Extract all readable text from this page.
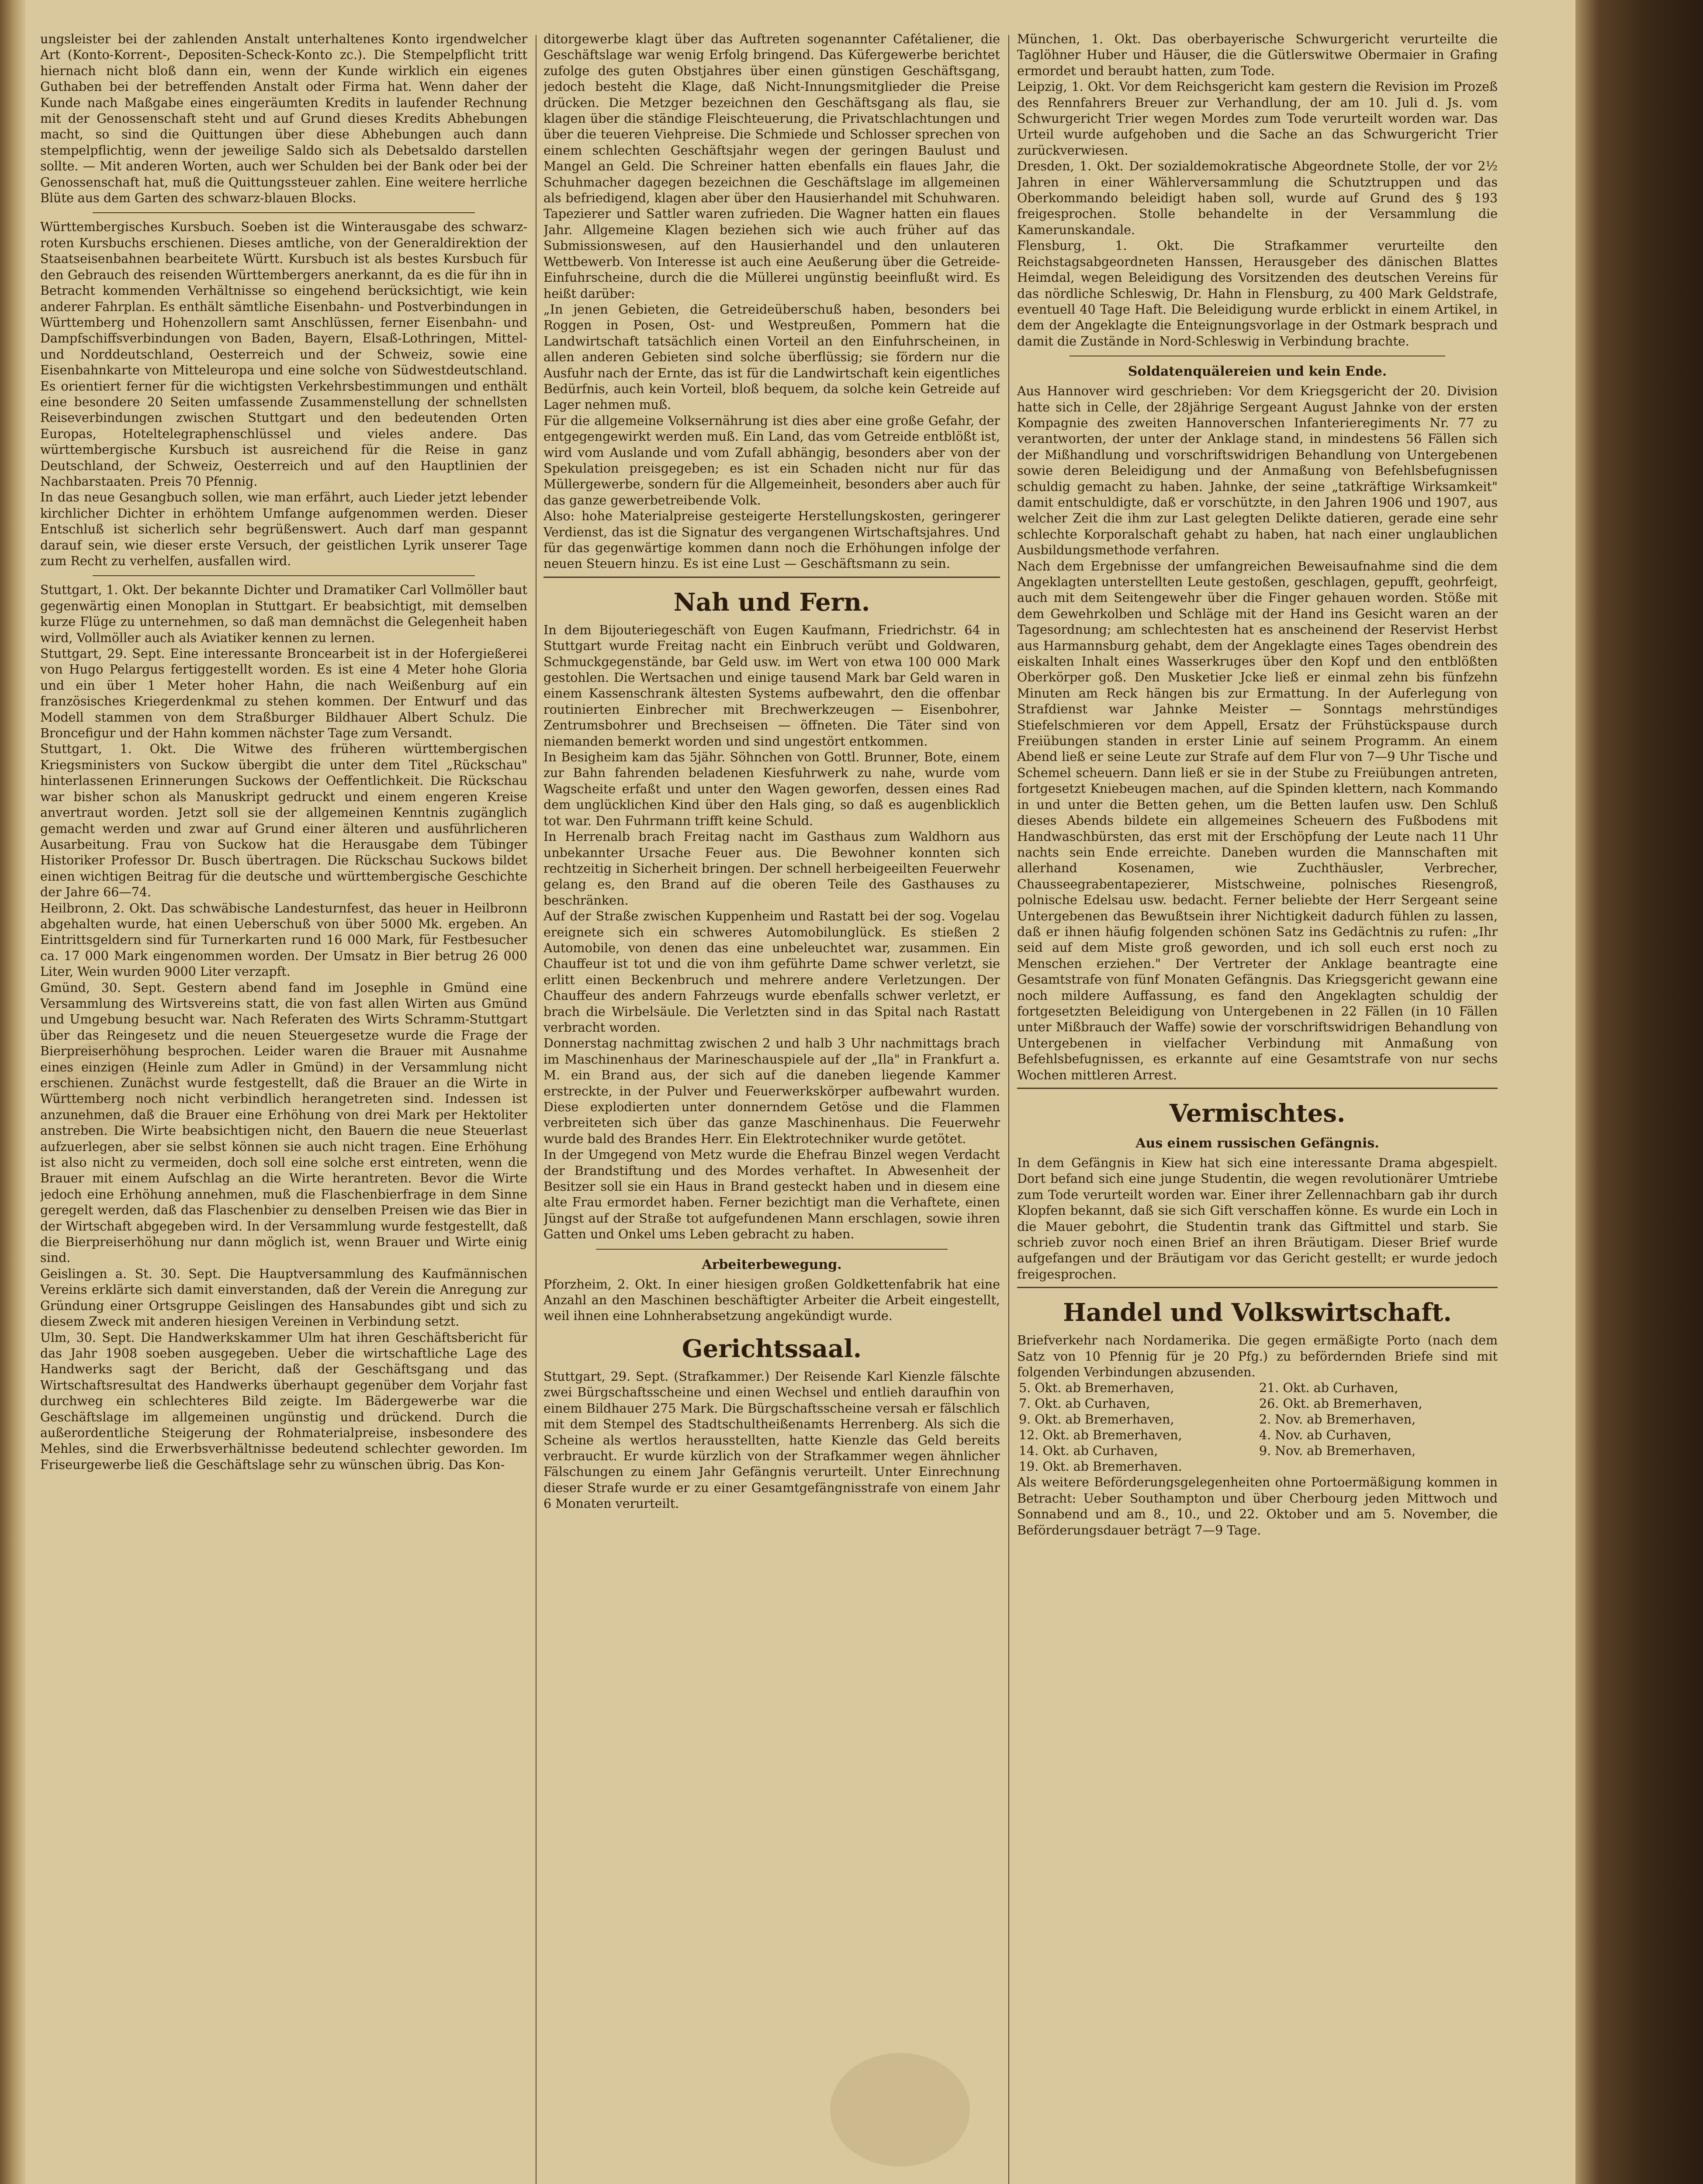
ungsleister bei der zahlenden Anstalt unterhaltenes Konto irgendwelcher Art (Konto-Korrent-, Depositen-Scheck-Konto zc.). Die Stempelpflicht tritt hiernach nicht bloß dann ein, wenn der Kunde wirklich ein eigenes Guthaben bei der betreffenden Anstalt oder Firma hat. Wenn daher der Kunde nach Maßgabe eines eingeräumten Kredits in laufender Rechnung mit der Genossenschaft steht und auf Grund dieses Kredits Abhebungen macht, so sind die Quittungen über diese Abhebungen auch dann stempelpflichtig, wenn der jeweilige Saldo sich als Debetsaldo darstellen sollte. — Mit anderen Worten, auch wer Schulden bei der Bank oder bei der Genossenschaft hat, muß die Quittungssteuer zahlen. Eine weitere herrliche Blüte aus dem Garten des schwarz-blauen Blocks.

Württembergisches Kursbuch. Soeben ist die Winterausgabe des schwarz-roten Kursbuchs erschienen. Dieses amtliche, von der Generaldirektion der Staatseisenbahnen bearbeitete Württ. Kursbuch ist als bestes Kursbuch für den Gebrauch des reisenden Württembergers anerkannt, da es die für ihn in Betracht kommenden Verhältnisse so eingehend berücksichtigt, wie kein anderer Fahrplan. Es enthält sämtliche Eisenbahn- und Postverbindungen in Württemberg und Hohenzollern samt Anschlüssen, ferner Eisenbahn- und Dampfschiffsverbindungen von Baden, Bayern, Elsaß-Lothringen, Mittel- und Norddeutschland, Oesterreich und der Schweiz, sowie eine Eisenbahnkarte von Mitteleuropa und eine solche von Südwestdeutschland. Es orientiert ferner für die wichtigsten Verkehrsbestimmungen und enthält eine besondere 20 Seiten umfassende Zusammenstellung der schnellsten Reiseverbindungen zwischen Stuttgart und den bedeutenden Orten Europas, Hoteltelegraphenschlüssel und vieles andere. Das württembergische Kursbuch ist ausreichend für die Reise in ganz Deutschland, der Schweiz, Oesterreich und auf den Hauptlinien der Nachbarstaaten. Preis 70 Pfennig.

In das neue Gesangbuch sollen, wie man erfährt, auch Lieder jetzt lebender kirchlicher Dichter in erhöhtem Umfange aufgenommen werden. Dieser Entschluß ist sicherlich sehr begrüßenswert. Auch darf man gespannt darauf sein, wie dieser erste Versuch, der geistlichen Lyrik unserer Tage zum Recht zu verhelfen, ausfallen wird.

Stuttgart, 1. Okt. Der bekannte Dichter und Dramatiker Carl Vollmöller baut gegenwärtig einen Monoplan in Stuttgart. Er beabsichtigt, mit demselben kurze Flüge zu unternehmen, so daß man demnächst die Gelegenheit haben wird, Vollmöller auch als Aviatiker kennen zu lernen.

Stuttgart, 29. Sept. Eine interessante Broncearbeit ist in der Hofergießerei von Hugo Pelargus fertiggestellt worden. Es ist eine 4 Meter hohe Gloria und ein über 1 Meter hoher Hahn, die nach Weißenburg auf ein französisches Kriegerdenkmal zu stehen kommen. Der Entwurf und das Modell stammen von dem Straßburger Bildhauer Albert Schulz. Die Broncefigur und der Hahn kommen nächster Tage zum Versandt.

Stuttgart, 1. Okt. Die Witwe des früheren württembergischen Kriegsministers von Suckow übergibt die unter dem Titel „Rückschau" hinterlassenen Erinnerungen Suckows der Oeffentlichkeit. Die Rückschau war bisher schon als Manuskript gedruckt und einem engeren Kreise anvertraut worden. Jetzt soll sie der allgemeinen Kenntnis zugänglich gemacht werden und zwar auf Grund einer älteren und ausführlicheren Ausarbeitung. Frau von Suckow hat die Herausgabe dem Tübinger Historiker Professor Dr. Busch übertragen. Die Rückschau Suckows bildet einen wichtigen Beitrag für die deutsche und württembergische Geschichte der Jahre 66—74.

Heilbronn, 2. Okt. Das schwäbische Landesturnfest, das heuer in Heilbronn abgehalten wurde, hat einen Ueberschuß von über 5000 Mk. ergeben. An Eintrittsgeldern sind für Turnerkarten rund 16 000 Mark, für Festbesucher ca. 17 000 Mark eingenommen worden. Der Umsatz in Bier betrug 26 000 Liter, Wein wurden 9000 Liter verzapft.

Gmünd, 30. Sept. Gestern abend fand im Josephle in Gmünd eine Versammlung des Wirtsvereins statt, die von fast allen Wirten aus Gmünd und Umgebung besucht war. Nach Referaten des Wirts Schramm-Stuttgart über das Reingesetz und die neuen Steuergesetze wurde die Frage der Bierpreiserhöhung besprochen. Leider waren die Brauer mit Ausnahme eines einzigen (Heinle zum Adler in Gmünd) in der Versammlung nicht erschienen. Zunächst wurde festgestellt, daß die Brauer an die Wirte in Württemberg noch nicht verbindlich herangetreten sind. Indessen ist anzunehmen, daß die Brauer eine Erhöhung von drei Mark per Hektoliter anstreben. Die Wirte beabsichtigen nicht, den Bauern die neue Steuerlast aufzuerlegen, aber sie selbst können sie auch nicht tragen. Eine Erhöhung ist also nicht zu vermeiden, doch soll eine solche erst eintreten, wenn die Brauer mit einem Aufschlag an die Wirte herantreten. Bevor die Wirte jedoch eine Erhöhung annehmen, muß die Flaschenbierfrage in dem Sinne geregelt werden, daß das Flaschenbier zu denselben Preisen wie das Bier in der Wirtschaft abgegeben wird. In der Versammlung wurde festgestellt, daß die Bierpreiserhöhung nur dann möglich ist, wenn Brauer und Wirte einig sind.

Geislingen a. St. 30. Sept. Die Hauptversammlung des Kaufmännischen Vereins erklärte sich damit einverstanden, daß der Verein die Anregung zur Gründung einer Ortsgruppe Geislingen des Hansabundes gibt und sich zu diesem Zweck mit anderen hiesigen Vereinen in Verbindung setzt.

Ulm, 30. Sept. Die Handwerkskammer Ulm hat ihren Geschäftsbericht für das Jahr 1908 soeben ausgegeben. Ueber die wirtschaftliche Lage des Handwerks sagt der Bericht, daß der Geschäftsgang und das Wirtschaftsresultat des Handwerks überhaupt gegenüber dem Vorjahr fast durchweg ein schlechteres Bild zeigte. Im Bädergewerbe war die Geschäftslage im allgemeinen ungünstig und drückend. Durch die außerordentliche Steigerung der Rohmaterialpreise, insbesondere des Mehles, sind die Erwerbsverhältnisse bedeutend schlechter geworden. Im Friseurgewerbe ließ die Geschäftslage sehr zu wünschen übrig. Das Kon-

ditorgewerbe klagt über das Auftreten sogenannter Cafétaliener, die Geschäftslage war wenig Erfolg bringend. Das Küfergewerbe berichtet zufolge des guten Obstjahres über einen günstigen Geschäftsgang, jedoch besteht die Klage, daß Nicht-Innungsmitglieder die Preise drücken. Die Metzger bezeichnen den Geschäftsgang als flau, sie klagen über die ständige Fleischteuerung, die Privatschlachtungen und über die teueren Viehpreise. Die Schmiede und Schlosser sprechen von einem schlechten Geschäftsjahr wegen der geringen Baulust und Mangel an Geld. Die Schreiner hatten ebenfalls ein flaues Jahr, die Schuhmacher dagegen bezeichnen die Geschäftslage im allgemeinen als befriedigend, klagen aber über den Hausierhandel mit Schuhwaren. Tapezierer und Sattler waren zufrieden. Die Wagner hatten ein flaues Jahr. Allgemeine Klagen beziehen sich wie auch früher auf das Submissionswesen, auf den Hausierhandel und den unlauteren Wettbewerb. Von Interesse ist auch eine Aeußerung über die Getreide-Einfuhrscheine, durch die die Müllerei ungünstig beeinflußt wird. Es heißt darüber:

„In jenen Gebieten, die Getreideüberschuß haben, besonders bei Roggen in Posen, Ost- und Westpreußen, Pommern hat die Landwirtschaft tatsächlich einen Vorteil an den Einfuhrscheinen, in allen anderen Gebieten sind solche überflüssig; sie fördern nur die Ausfuhr nach der Ernte, das ist für die Landwirtschaft kein eigentliches Bedürfnis, auch kein Vorteil, bloß bequem, da solche kein Getreide auf Lager nehmen muß.

Für die allgemeine Volksernährung ist dies aber eine große Gefahr, der entgegengewirkt werden muß. Ein Land, das vom Getreide entblößt ist, wird vom Auslande und vom Zufall abhängig, besonders aber von der Spekulation preisgegeben; es ist ein Schaden nicht nur für das Müllergewerbe, sondern für die Allgemeinheit, besonders aber auch für das ganze gewerbetreibende Volk.

Also: hohe Materialpreise gesteigerte Herstellungskosten, geringerer Verdienst, das ist die Signatur des vergangenen Wirtschaftsjahres. Und für das gegenwärtige kommen dann noch die Erhöhungen infolge der neuen Steuern hinzu. Es ist eine Lust — Geschäftsmann zu sein.

Nah und Fern.

In dem Bijouteriegeschäft von Eugen Kaufmann, Friedrichstr. 64 in Stuttgart wurde Freitag nacht ein Einbruch verübt und Goldwaren, Schmuckgegenstände, bar Geld usw. im Wert von etwa 100 000 Mark gestohlen. Die Wertsachen und einige tausend Mark bar Geld waren in einem Kassenschrank ältesten Systems aufbewahrt, den die offenbar routinierten Einbrecher mit Brechwerkzeugen — Eisenbohrer, Zentrumsbohrer und Brechseisen — öffneten. Die Täter sind von niemanden bemerkt worden und sind ungestört entkommen.

In Besigheim kam das 5jähr. Söhnchen von Gottl. Brunner, Bote, einem zur Bahn fahrenden beladenen Kiesfuhrwerk zu nahe, wurde vom Wagscheite erfaßt und unter den Wagen geworfen, dessen eines Rad dem unglücklichen Kind über den Hals ging, so daß es augenblicklich tot war. Den Fuhrmann trifft keine Schuld.

In Herrenalb brach Freitag nacht im Gasthaus zum Waldhorn aus unbekannter Ursache Feuer aus. Die Bewohner konnten sich rechtzeitig in Sicherheit bringen. Der schnell herbeigeeilten Feuerwehr gelang es, den Brand auf die oberen Teile des Gasthauses zu beschränken.

Auf der Straße zwischen Kuppenheim und Rastatt bei der sog. Vogelau ereignete sich ein schweres Automobilunglück. Es stießen 2 Automobile, von denen das eine unbeleuchtet war, zusammen. Ein Chauffeur ist tot und die von ihm geführte Dame schwer verletzt, sie erlitt einen Beckenbruch und mehrere andere Verletzungen. Der Chauffeur des andern Fahrzeugs wurde ebenfalls schwer verletzt, er brach die Wirbelsäule. Die Verletzten sind in das Spital nach Rastatt verbracht worden.

Donnerstag nachmittag zwischen 2 und halb 3 Uhr nachmittags brach im Maschinenhaus der Marineschauspiele auf der „Ila" in Frankfurt a. M. ein Brand aus, der sich auf die daneben liegende Kammer erstreckte, in der Pulver und Feuerwerkskörper aufbewahrt wurden. Diese explodierten unter donnerndem Getöse und die Flammen verbreiteten sich über das ganze Maschinenhaus. Die Feuerwehr wurde bald des Brandes Herr. Ein Elektrotechniker wurde getötet.

In der Umgegend von Metz wurde die Ehefrau Binzel wegen Verdacht der Brandstiftung und des Mordes verhaftet. In Abwesenheit der Besitzer soll sie ein Haus in Brand gesteckt haben und in diesem eine alte Frau ermordet haben. Ferner bezichtigt man die Verhaftete, einen Jüngst auf der Straße tot aufgefundenen Mann erschlagen, sowie ihren Gatten und Onkel ums Leben gebracht zu haben.

Arbeiterbewegung.

Pforzheim, 2. Okt. In einer hiesigen großen Goldkettenfabrik hat eine Anzahl an den Maschinen beschäftigter Arbeiter die Arbeit eingestellt, weil ihnen eine Lohnherabsetzung angekündigt wurde.

Gerichtssaal.

Stuttgart, 29. Sept. (Strafkammer.) Der Reisende Karl Kienzle fälschte zwei Bürgschaftsscheine und einen Wechsel und entlieh daraufhin von einem Bildhauer 275 Mark. Die Bürgschaftsscheine versah er fälschlich mit dem Stempel des Stadtschultheißenamts Herrenberg. Als sich die Scheine als wertlos herausstellten, hatte Kienzle das Geld bereits verbraucht. Er wurde kürzlich von der Strafkammer wegen ähnlicher Fälschungen zu einem Jahr Gefängnis verurteilt. Unter Einrechnung dieser Strafe wurde er zu einer Gesamtgefängnisstrafe von einem Jahr 6 Monaten verurteilt.

München, 1. Okt. Das oberbayerische Schwurgericht verurteilte die Taglöhner Huber und Häuser, die die Gütlerswitwe Obermaier in Grafing ermordet und beraubt hatten, zum Tode.

Leipzig, 1. Okt. Vor dem Reichsgericht kam gestern die Revision im Prozeß des Rennfahrers Breuer zur Verhandlung, der am 10. Juli d. Js. vom Schwurgericht Trier wegen Mordes zum Tode verurteilt worden war. Das Urteil wurde aufgehoben und die Sache an das Schwurgericht Trier zurückverwiesen.

Dresden, 1. Okt. Der sozialdemokratische Abgeordnete Stolle, der vor 2½ Jahren in einer Wählerversammlung die Schutztruppen und das Oberkommando beleidigt haben soll, wurde auf Grund des § 193 freigesprochen. Stolle behandelte in der Versammlung die Kamerunskandale.

Flensburg, 1. Okt. Die Strafkammer verurteilte den Reichstagsabgeordneten Hanssen, Herausgeber des dänischen Blattes Heimdal, wegen Beleidigung des Vorsitzenden des deutschen Vereins für das nördliche Schleswig, Dr. Hahn in Flensburg, zu 400 Mark Geldstrafe, eventuell 40 Tage Haft. Die Beleidigung wurde erblickt in einem Artikel, in dem der Angeklagte die Enteignungsvorlage in der Ostmark besprach und damit die Zustände in Nord-Schleswig in Verbindung brachte.

Soldatenquälereien und kein Ende.

Aus Hannover wird geschrieben: Vor dem Kriegsgericht der 20. Division hatte sich in Celle, der 28jährige Sergeant August Jahnke von der ersten Kompagnie des zweiten Hannoverschen Infanterieregiments Nr. 77 zu verantworten, der unter der Anklage stand, in mindestens 56 Fällen sich der Mißhandlung und vorschriftswidrigen Behandlung von Untergebenen sowie deren Beleidigung und der Anmaßung von Befehlsbefugnissen schuldig gemacht zu haben. Jahnke, der seine „tatkräftige Wirksamkeit" damit entschuldigte, daß er vorschützte, in den Jahren 1906 und 1907, aus welcher Zeit die ihm zur Last gelegten Delikte datieren, gerade eine sehr schlechte Korporalschaft gehabt zu haben, hat nach einer unglaublichen Ausbildungsmethode verfahren.

Nach dem Ergebnisse der umfangreichen Beweisaufnahme sind die dem Angeklagten unterstellten Leute gestoßen, geschlagen, gepufft, geohrfeigt, auch mit dem Seitengewehr über die Finger gehauen worden. Stöße mit dem Gewehrkolben und Schläge mit der Hand ins Gesicht waren an der Tagesordnung; am schlechtesten hat es anscheinend der Reservist Herbst aus Harmannsburg gehabt, dem der Angeklagte eines Tages obendrein des eiskalten Inhalt eines Wasserkruges über den Kopf und den entblößten Oberkörper goß. Den Musketier Jcke ließ er einmal zehn bis fünfzehn Minuten am Reck hängen bis zur Ermattung. In der Auferlegung von Strafdienst war Jahnke Meister — Sonntags mehrstündiges Stiefelschmieren vor dem Appell, Ersatz der Frühstückspause durch Freiübungen standen in erster Linie auf seinem Programm. An einem Abend ließ er seine Leute zur Strafe auf dem Flur von 7—9 Uhr Tische und Schemel scheuern. Dann ließ er sie in der Stube zu Freiübungen antreten, fortgesetzt Kniebeugen machen, auf die Spinden klettern, nach Kommando in und unter die Betten gehen, um die Betten laufen usw. Den Schluß dieses Abends bildete ein allgemeines Scheuern des Fußbodens mit Handwaschbürsten, das erst mit der Erschöpfung der Leute nach 11 Uhr nachts sein Ende erreichte. Daneben wurden die Mannschaften mit allerhand Kosenamen, wie Zuchthäusler, Verbrecher, Chausseegrabentapezierer, Mistschweine, polnisches Riesengroß, polnische Edelsau usw. bedacht. Ferner beliebte der Herr Sergeant seine Untergebenen das Bewußtsein ihrer Nichtigkeit dadurch fühlen zu lassen, daß er ihnen häufig folgenden schönen Satz ins Gedächtnis zu rufen: „Ihr seid auf dem Miste groß geworden, und ich soll euch erst noch zu Menschen erziehen." Der Vertreter der Anklage beantragte eine Gesamtstrafe von fünf Monaten Gefängnis. Das Kriegsgericht gewann eine noch mildere Auffassung, es fand den Angeklagten schuldig der fortgesetzten Beleidigung von Untergebenen in 22 Fällen (in 10 Fällen unter Mißbrauch der Waffe) sowie der vorschriftswidrigen Behandlung von Untergebenen in vielfacher Verbindung mit Anmaßung von Befehlsbefugnissen, es erkannte auf eine Gesamtstrafe von nur sechs Wochen mittleren Arrest.

Vermischtes.
Aus einem russischen Gefängnis.

In dem Gefängnis in Kiew hat sich eine interessante Drama abgespielt. Dort befand sich eine junge Studentin, die wegen revolutionärer Umtriebe zum Tode verurteilt worden war. Einer ihrer Zellennachbarn gab ihr durch Klopfen bekannt, daß sie sich Gift verschaffen könne. Es wurde ein Loch in die Mauer gebohrt, die Studentin trank das Giftmittel und starb. Sie schrieb zuvor noch einen Brief an ihren Bräutigam. Dieser Brief wurde aufgefangen und der Bräutigam vor das Gericht gestellt; er wurde jedoch freigesprochen.

Handel und Volkswirtschaft.

Briefverkehr nach Nordamerika. Die gegen ermäßigte Porto (nach dem Satz von 10 Pfennig für je 20 Pfg.) zu befördernden Briefe sind mit folgenden Verbindungen abzusenden.

5. Okt. ab Bremerhaven,	21. Okt. ab Curhaven,
7. Okt. ab Curhaven,	26. Okt. ab Bremerhaven,
9. Okt. ab Bremerhaven,	2. Nov. ab Bremerhaven,
12. Okt. ab Bremerhaven,	4. Nov. ab Curhaven,
14. Okt. ab Curhaven,	9. Nov. ab Bremerhaven,
19. Okt. ab Bremerhaven.	

Als weitere Beförderungsgelegenheiten ohne Portoermäßigung kommen in Betracht: Ueber Southampton und über Cherbourg jeden Mittwoch und Sonnabend und am 8., 10., und 22. Oktober und am 5. November, die Beförderungsdauer beträgt 7—9 Tage.
